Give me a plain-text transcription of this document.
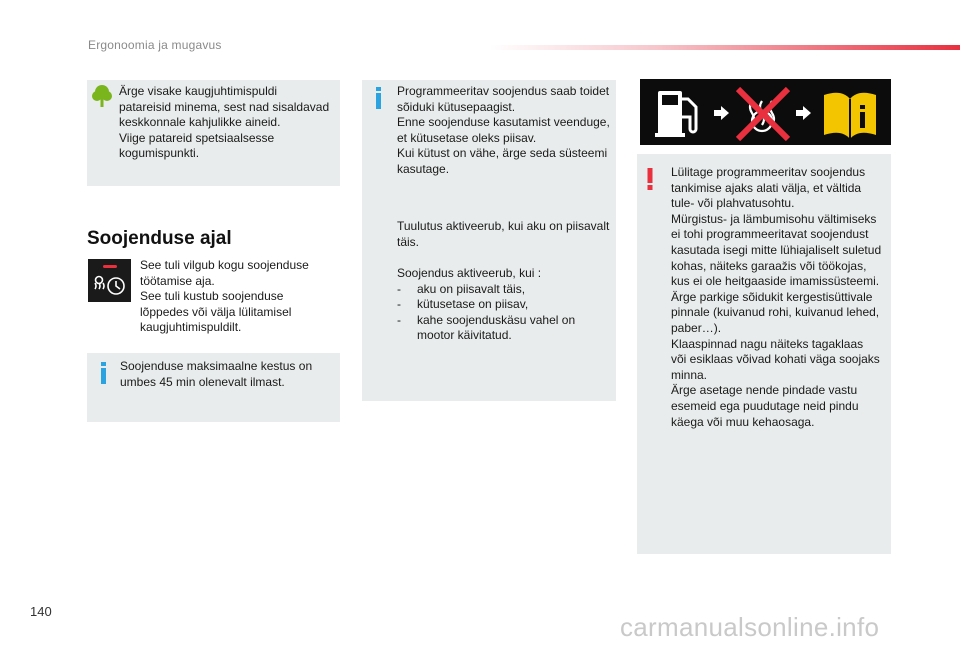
Ergonoomia ja mugavus

Ärge visake kaugjuhtimispuldi

patareisid minema, sest nad sisaldavad

keskkonnale kahjulikke aineid.

Viige patareid spetsiaalsesse

kogumispunkti.

Soojenduse ajal

See tuli vilgub kogu soojenduse

töötamise aja.

See tuli kustub soojenduse

lõppedes või välja lülitamisel

kaugjuhtimispuldilt.

Soojenduse maksimaalne kestus on

umbes 45 min olenevalt ilmast.

Programmeeritav soojendus saab toidet

sõiduki kütusepaagist.

Enne soojenduse kasutamist veenduge,

et kütusetase oleks piisav.

Kui kütust on vähe, ärge seda süsteemi

kasutage.

Tuulutus aktiveerub, kui aku on piisavalt

täis.

Soojendus aktiveerub, kui :

- aku on piisavalt täis,
- kütusetase on piisav,
- kahe soojenduskäsu vahel on mootor käivitatud.

Lülitage programmeeritav soojendus

tankimise ajaks alati välja, et vältida

tule- või plahvatusohtu.

Mürgistus- ja lämbumisohu vältimiseks

ei tohi programmeeritavat soojendust

kasutada isegi mitte lühiajaliselt suletud

kohas, näiteks garaažis või töökojas,

kus ei ole heitgaaside imamissüsteemi.

Ärge parkige sõidukit kergestisüttivale

pinnale (kuivanud rohi, kuivanud lehed,

paber…).

Klaaspinnad nagu näiteks tagaklaas

või esiklaas võivad kohati väga soojaks

minna.

Ärge asetage nende pindade vastu

esemeid ega puudutage neid pindu

käega või muu kehaosaga.

140
carmanualsonline.info
